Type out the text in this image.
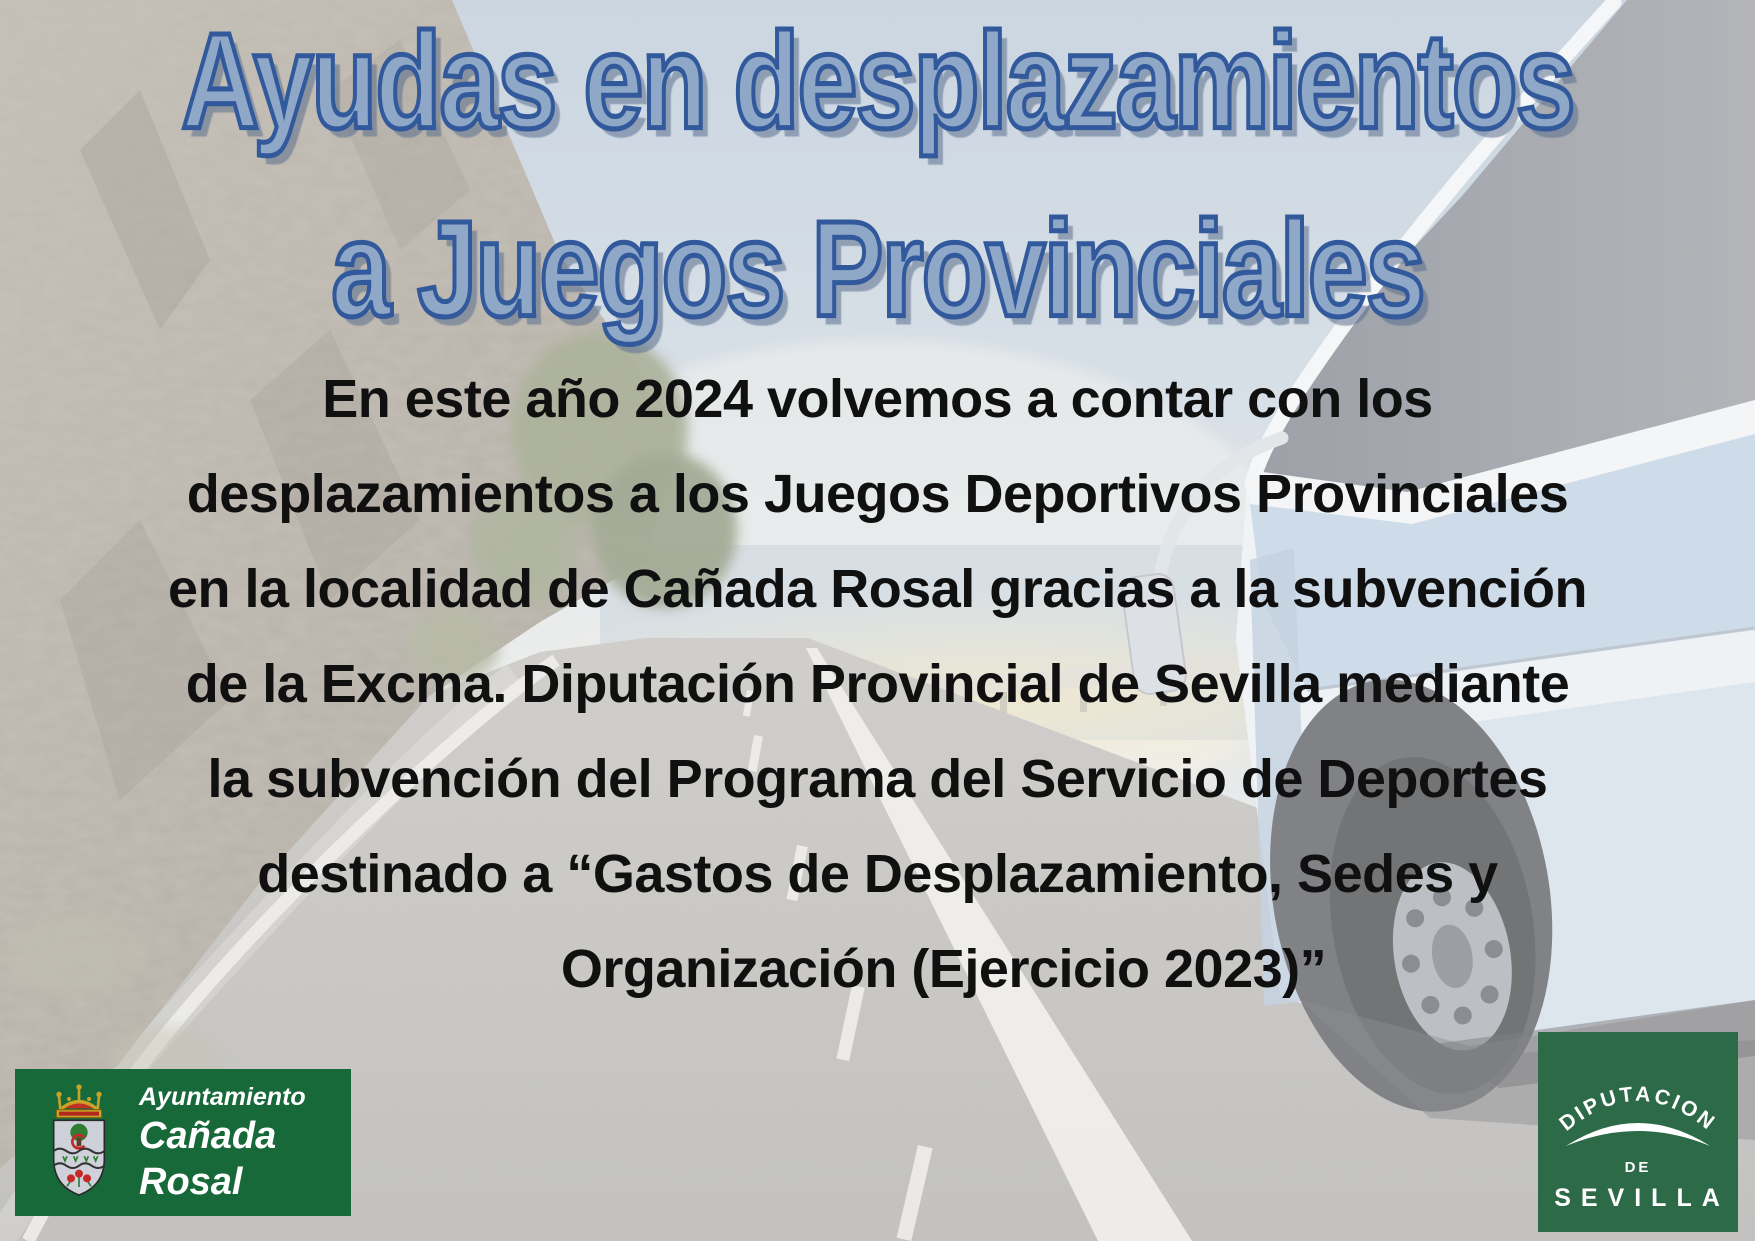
Ayudas en desplazamientos
a Juegos Provinciales
En este año 2024 volvemos a contar con los
desplazamientos a los Juegos Deportivos Provinciales
en la localidad de Cañada Rosal gracias a la subvención
de la Excma. Diputación Provincial de Sevilla mediante
la subvención del Programa del Servicio de Deportes
destinado a “Gastos de Desplazamiento, Sedes y
Organización (Ejercicio 2023)”
Ayuntamiento
Cañada Rosal
DIPUTACION
DE
SEVILLA
